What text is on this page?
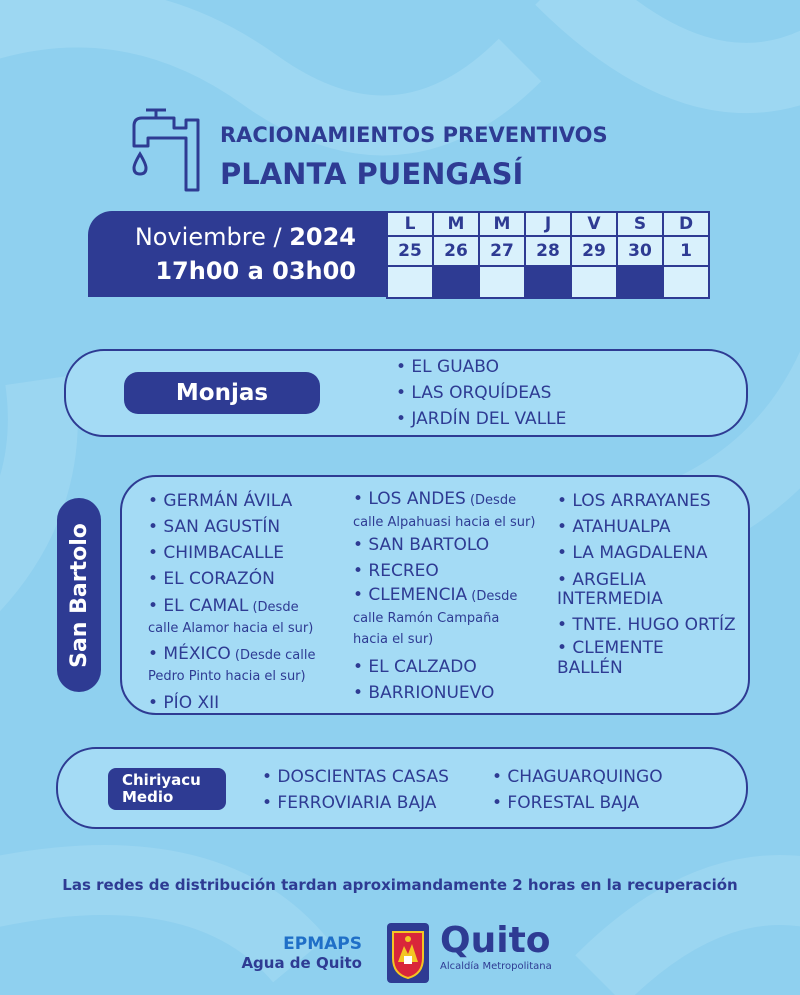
RACIONAMIENTOS PREVENTIVOS
PLANTA PUENGASÍ
Noviembre / 2024
17h00 a 03h00
L	M	M	J	V	S	D
25	26	27	28	29	30	1

Monjas
• EL GUABO
• LAS ORQUÍDEAS
• JARDÍN DEL VALLE
San Bartolo
• GERMÁN ÁVILA
• SAN AGUSTÍN
• CHIMBACALLE
• EL CORAZÓN
• EL CAMAL (Desde
calle Alamor hacia el sur)
• MÉXICO (Desde calle
Pedro Pinto hacia el sur)
• PÍO XII
• LOS ANDES (Desde
calle Alpahuasi hacia el sur)
• SAN BARTOLO
• RECREO
• CLEMENCIA (Desde
calle Ramón Campaña
hacia el sur)
• EL CALZADO
• BARRIONUEVO
• LOS ARRAYANES
• ATAHUALPA
• LA MAGDALENA
• ARGELIA
INTERMEDIA
• TNTE. HUGO ORTÍZ
• CLEMENTE
BALLÉN
Chiriyacu
Medio
• DOSCIENTAS CASAS
• FERROVIARIA BAJA
• CHAGUARQUINGO
• FORESTAL BAJA
Las redes de distribución tardan aproximandamente 2 horas en la recuperación
EPMAPS
Agua de Quito
Quito
Alcaldía Metropolitana
